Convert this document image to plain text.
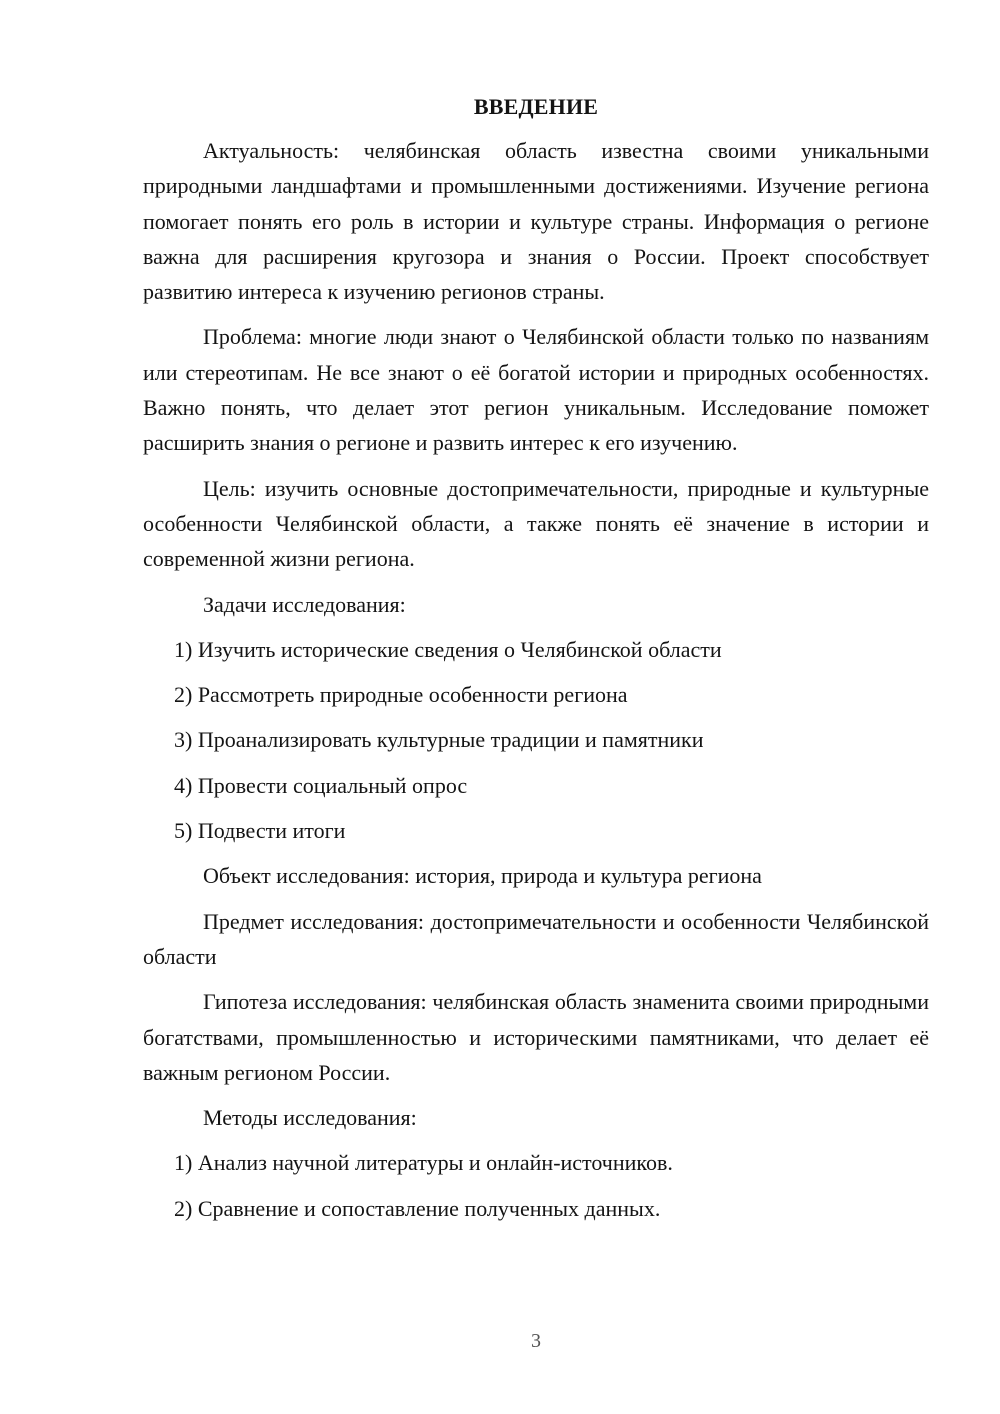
ВВЕДЕНИЕ

Актуальность: челябинская область известна своими уникальными природными ландшафтами и промышленными достижениями. Изучение региона помогает понять его роль в истории и культуре страны. Информация о регионе важна для расширения кругозора и знания о России. Проект способствует развитию интереса к изучению регионов страны.

Проблема: многие люди знают о Челябинской области только по названиям или стереотипам. Не все знают о её богатой истории и природных особенностях. Важно понять, что делает этот регион уникальным. Исследование поможет расширить знания о регионе и развить интерес к его изучению.

Цель: изучить основные достопримечательности, природные и культурные особенности Челябинской области, а также понять её значение в истории и современной жизни региона.

Задачи исследования:
1) Изучить исторические сведения о Челябинской области
2) Рассмотреть природные особенности региона
3) Проанализировать культурные традиции и памятники
4) Провести социальный опрос
5) Подвести итоги
Объект исследования: история, природа и культура региона

Предмет исследования: достопримечательности и особенности Челябинской области

Гипотеза исследования: челябинская область знаменита своими природными богатствами, промышленностью и историческими памятниками, что делает её важным регионом России.

Методы исследования:
1) Анализ научной литературы и онлайн-источников.
2) Сравнение и сопоставление полученных данных.
3
